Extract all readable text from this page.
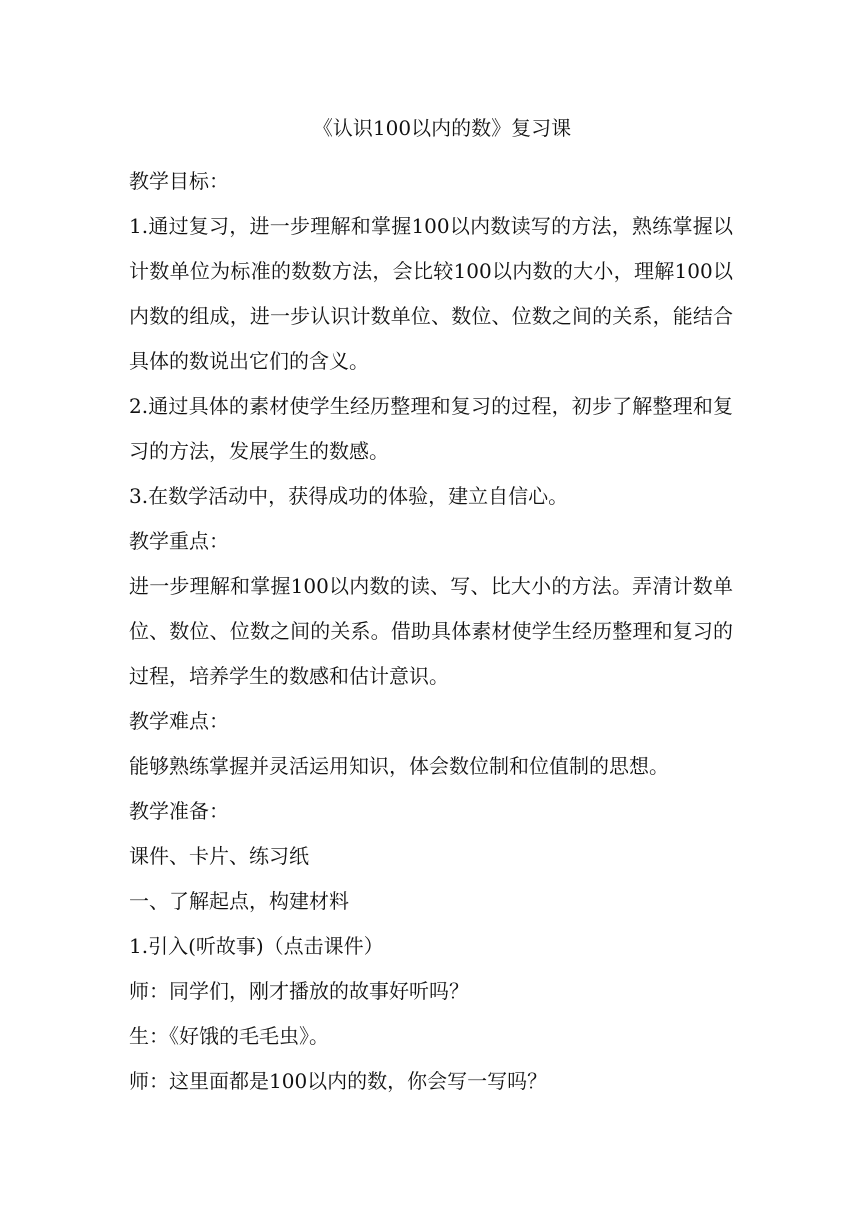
《认识100以内的数》复习课

教学目标：

1.通过复习，进一步理解和掌握100以内数读写的方法，熟练掌握以计数单位为标准的数数方法，会比较100以内数的大小，理解100以内数的组成，进一步认识计数单位、数位、位数之间的关系，能结合具体的数说出它们的含义。

2.通过具体的素材使学生经历整理和复习的过程，初步了解整理和复习的方法，发展学生的数感。

3.在数学活动中，获得成功的体验，建立自信心。

教学重点：

进一步理解和掌握100以内数的读、写、比大小的方法。弄清计数单位、数位、位数之间的关系。借助具体素材使学生经历整理和复习的过程，培养学生的数感和估计意识。

教学难点：

能够熟练掌握并灵活运用知识，体会数位制和位值制的思想。

教学准备：

课件、卡片、练习纸

一、了解起点，构建材料

1.引入(听故事)（点击课件）

师：同学们，刚才播放的故事好听吗？

生：《好饿的毛毛虫》。

师：这里面都是100以内的数，你会写一写吗？
